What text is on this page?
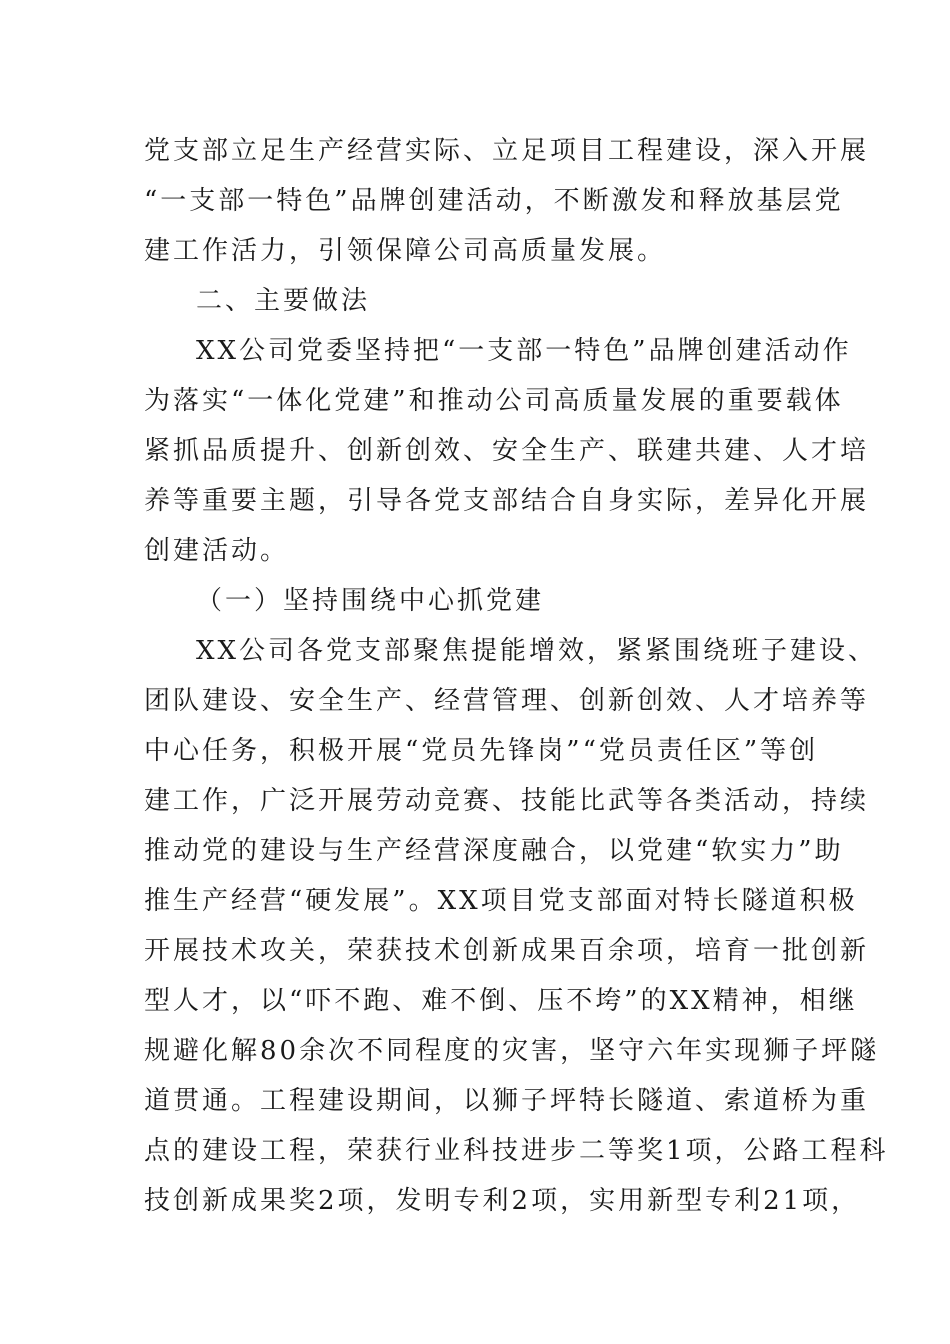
党支部立足生产经营实际、立足项目工程建设，深入开展
“一支部一特色”品牌创建活动，不断激发和释放基层党
建工作活力，引领保障公司高质量发展。
二、主要做法
XX公司党委坚持把“一支部一特色”品牌创建活动作
为落实“一体化党建”和推动公司高质量发展的重要载体
紧抓品质提升、创新创效、安全生产、联建共建、人才培
养等重要主题，引导各党支部结合自身实际，差异化开展
创建活动。
（一）坚持围绕中心抓党建
XX公司各党支部聚焦提能增效，紧紧围绕班子建设、
团队建设、安全生产、经营管理、创新创效、人才培养等
中心任务，积极开展“党员先锋岗”“党员责任区”等创
建工作，广泛开展劳动竞赛、技能比武等各类活动，持续
推动党的建设与生产经营深度融合，以党建“软实力”助
推生产经营“硬发展”。XX项目党支部面对特长隧道积极
开展技术攻关，荣获技术创新成果百余项，培育一批创新
型人才，以“吓不跑、难不倒、压不垮”的XX精神，相继
规避化解80余次不同程度的灾害，坚守六年实现狮子坪隧
道贯通。工程建设期间，以狮子坪特长隧道、索道桥为重
点的建设工程，荣获行业科技进步二等奖1项，公路工程科
技创新成果奖2项，发明专利2项，实用新型专利21项，
